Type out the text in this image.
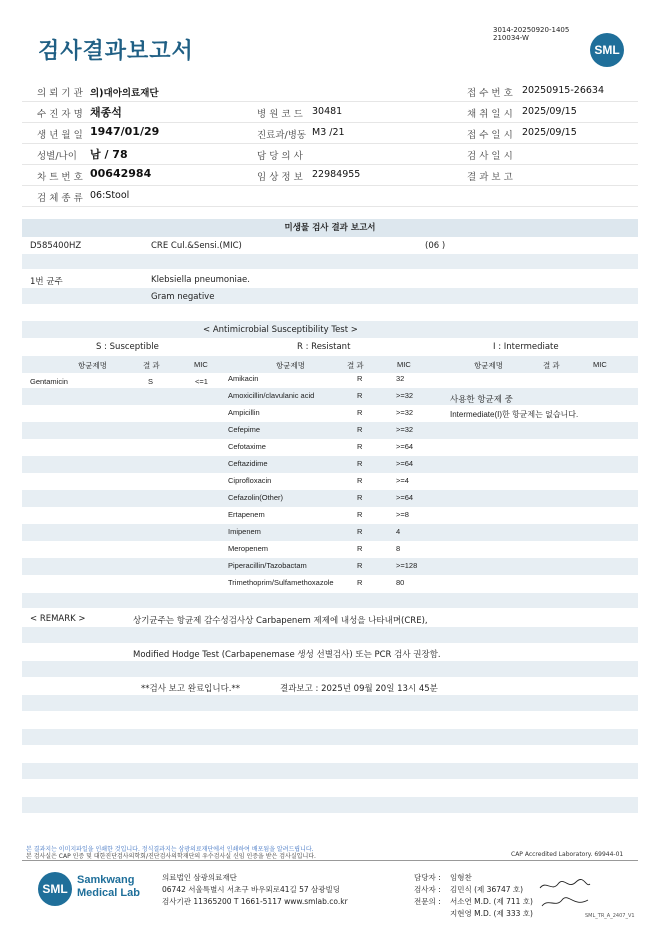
검사결과보고서
3014-20250920-1405
210034-W
SML
의 뢰 기 관 의)대아의료재단	접 수 번 호 20250915-26634
수 진 자 명 채종석	병 원 코 드 30481	채 취 일 시 2025/09/15
생 년 월 일 1947/01/29	진료과/병동 M3 /21	접 수 일 시 2025/09/15
성별/나이 남 / 78	담 당 의 사	검 사 일 시
차 트 번 호 00642984	임 상 정 보 22984955	결 과 보 고
검 체 종 류 06:Stool
미생물 검사 결과 보고서
D585400HZ	CRE Cul.&Sensi.(MIC)	(06 )
1번 균주	Klebsiella pneumoniae.
Gram negative
< Antimicrobial Susceptibility Test >
S : Susceptible	R : Resistant	I : Intermediate
항균제명	결 과	MIC	항균제명	결 과	MIC	항균제명	결 과	MIC
Gentamicin	S	<=1	Amikacin	R	32
Amoxicillin/clavulanic acid	R	>=32
Ampicillin	R	>=32
Cefepime	R	>=32
Cefotaxime	R	>=64
Ceftazidime	R	>=64
Ciprofloxacin	R	>=4
Cefazolin(Other)	R	>=64
Ertapenem	R	>=8
Imipenem	R	4
Meropenem	R	8
Piperacillin/Tazobactam	R	>=128
Trimethoprim/Sulfamethoxazole	R	80
사용한 항균제 중
Intermediate(I)한 항균제는 없습니다.
< REMARK >	상기균주는 항균제 감수성검사상 Carbapenem 제제에 내성을 나타내며(CRE),
Modified Hodge Test (Carbapenemase 생성 선별검사) 또는 PCR 검사 권장함.
**검사 보고 완료입니다.**	결과보고 : 2025년 09월 20일 13시 45분
본 결과지는 이미지파일을 인쇄한 것입니다. 정식결과지는 삼광의료재단에서 인쇄하여 배포됨을 알려드립니다.
본 검사실은 CAP 인증 및 대한진단검사의학회/진단검사의학재단의 우수검사실 신임 인증을 받은 검사실입니다.	CAP Accredited Laboratory. 69944-01
SML
Samkwang
Medical Lab
의료법인 삼광의료재단
06742 서울특별시 서초구 바우뫼로41길 57 삼광빌딩
검사기관 11365200 T 1661-5117 www.smlab.co.kr
담당자 :
검사자 :
전문의 :
임형찬
김민식 (제 36747 호)
서소연 M.D. (제 711 호)
지현영 M.D. (제 333 호)	SML_TR_A_2407_V1
